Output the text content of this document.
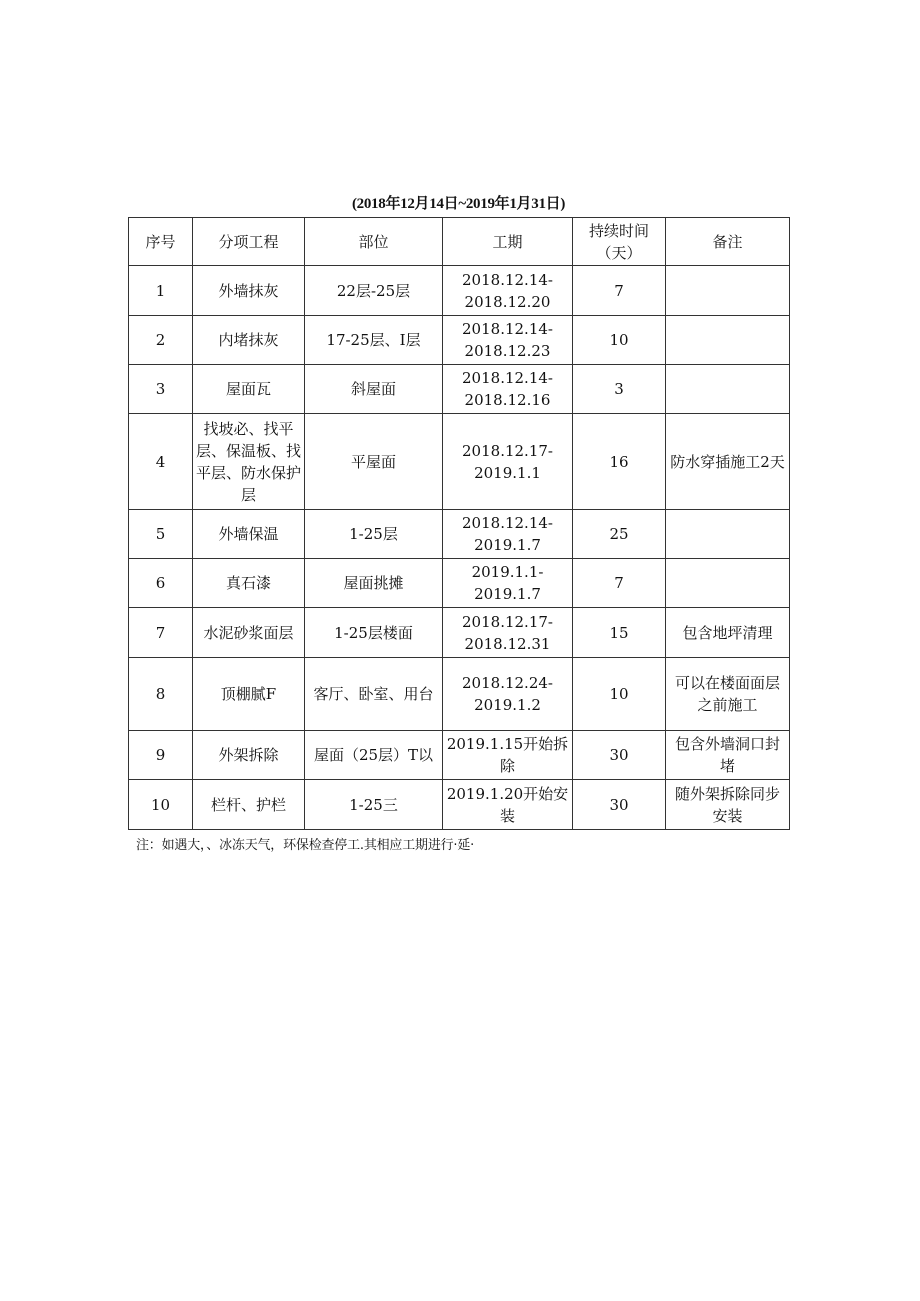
(2018年12月14日~2019年1月31日)
序号	分项工程	部位	工期	持续时间（天）	备注
1	外墙抹灰	22层-25层	2018.12.14-2018.12.20	7	
2	内堵抹灰	17-25层、I层	2018.12.14-2018.12.23	10	
3	屋面瓦	斜屋面	2018.12.14-2018.12.16	3	
4	找坡必、找平层、保温板、找平层、防水保护层	平屋面	2018.12.17-2019.1.1	16	防水穿插施工2天
5	外墙保温	1-25层	2018.12.14-2019.1.7	25	
6	真石漆	屋面挑摊	2019.1.1-2019.1.7	7	
7	水泥砂浆面层	1-25层楼面	2018.12.17-2018.12.31	15	包含地坪清理
8	顶棚腻F	客厅、卧室、用台	2018.12.24-2019.1.2	10	可以在楼面面层之前施工
9	外架拆除	屋面（25层）T以	2019.1.15开始拆除	30	包含外墙洞口封堵
10	栏杆、护栏	1-25三	2019.1.20开始安装	30	随外架拆除同步安装
注：如遇大，、冰冻天气，环保检查停工.其相应工期进行·延·
